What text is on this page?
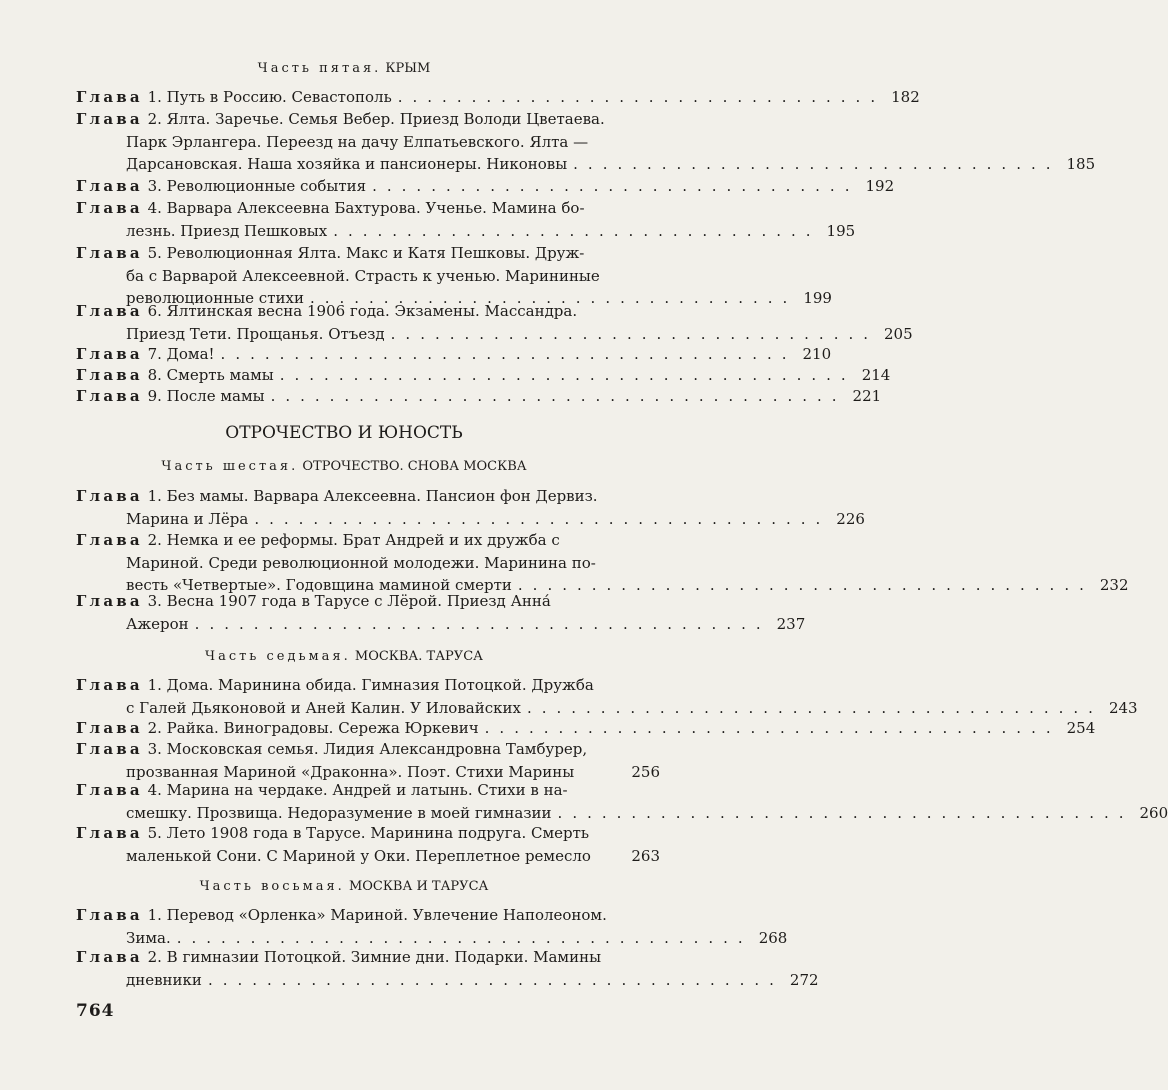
Часть пятая. КРЫМ
Глава
1.
Путь в Россию. Севастополь ................................. 182
Глава
2.
Ялта. Заречье. Семья Вебер. Приезд Володи Цветаева.
Парк Эрлангера. Переезд на дачу Елпатьевского. Ялта —
Дарсановская. Наша хозяйка и пансионеры. Никоновы ................................. 185
Глава
3.
Революционные события ................................. 192
Глава
4.
Варвара Алексеевна Бахтурова. Ученье. Мамина бо-
лезнь. Приезд Пешковых ................................. 195
Глава
5.
Революционная Ялта. Макс и Катя Пешковы. Друж-
ба с Варварой Алексеевной. Страсть к ученью. Марининые
революционные стихи ................................. 199
Глава
6.
Ялтинская весна 1906 года. Экзамены. Массандра.
Приезд Тети. Прощанья. Отъезд ................................. 205
Глава
7.
Дома! ....................................... 210
Глава
8.
Смерть мамы ....................................... 214
Глава
9.
После мамы ....................................... 221
ОТРОЧЕСТВО И ЮНОСТЬ
Часть шестая. ОТРОЧЕСТВО. СНОВА МОСКВА
Глава
1.
Без мамы. Варвара Алексеевна. Пансион фон Дервиз.
Марина и Лёра ....................................... 226
Глава
2.
Немка и ее реформы. Брат Андрей и их дружба с
Мариной. Среди революционной молодежи. Маринина по-
весть «Четвертые». Годовщина маминой смерти ....................................... 232
Глава
3.
Весна 1907 года в Тарусе с Лёрой. Приезд Анна́
Ажерон ....................................... 237
Часть седьмая. МОСКВА. ТАРУСА
Глава
1.
Дома. Маринина обида. Гимназия Потоцкой. Дружба
с Галей Дьяконовой и Аней Калин. У Иловайских ....................................... 243
Глава
2.
Райка. Виноградовы. Сережа Юркевич ....................................... 254
Глава
3.
Московская семья. Лидия Александровна Тамбурер,
прозванная Мариной «Драконна». Поэт. Стихи Марины	256
Глава
4.
Марина на чердаке. Андрей и латынь. Стихи в на-
смешку. Прозвища. Недоразумение в моей гимназии ....................................... 260
Глава
5.
Лето 1908 года в Тарусе. Маринина подруга. Смерть
маленькой Сони. С Мариной у Оки. Переплетное ремесло	263
Часть восьмая. МОСКВА И ТАРУСА
Глава
1.
Перевод «Орленка» Мариной. Увлечение Наполеоном.
Зима. ....................................... 268
Глава
2.
В гимназии Потоцкой. Зимние дни. Подарки. Мамины
дневники ....................................... 272
764
